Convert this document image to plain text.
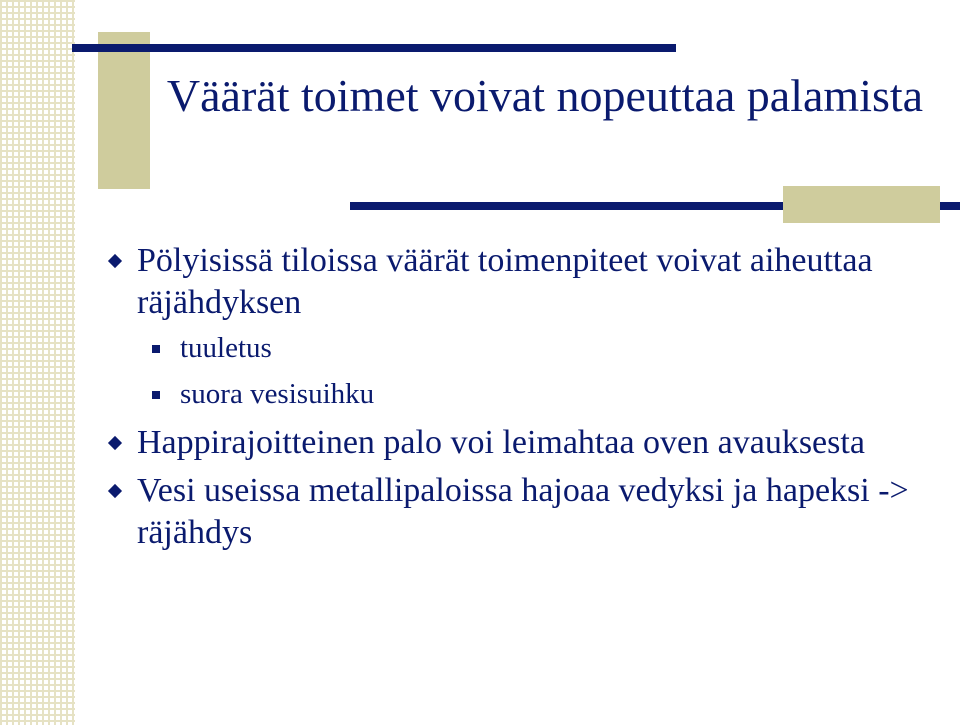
Väärät toimet voivat nopeuttaa palamista
Pölyisissä tiloissa väärät toimenpiteet voivat aiheuttaa räjähdyksen
tuuletus
suora vesisuihku
Happirajoitteinen palo voi leimahtaa oven avauksesta
Vesi useissa metallipaloissa hajoaa vedyksi ja hapeksi -> räjähdys
